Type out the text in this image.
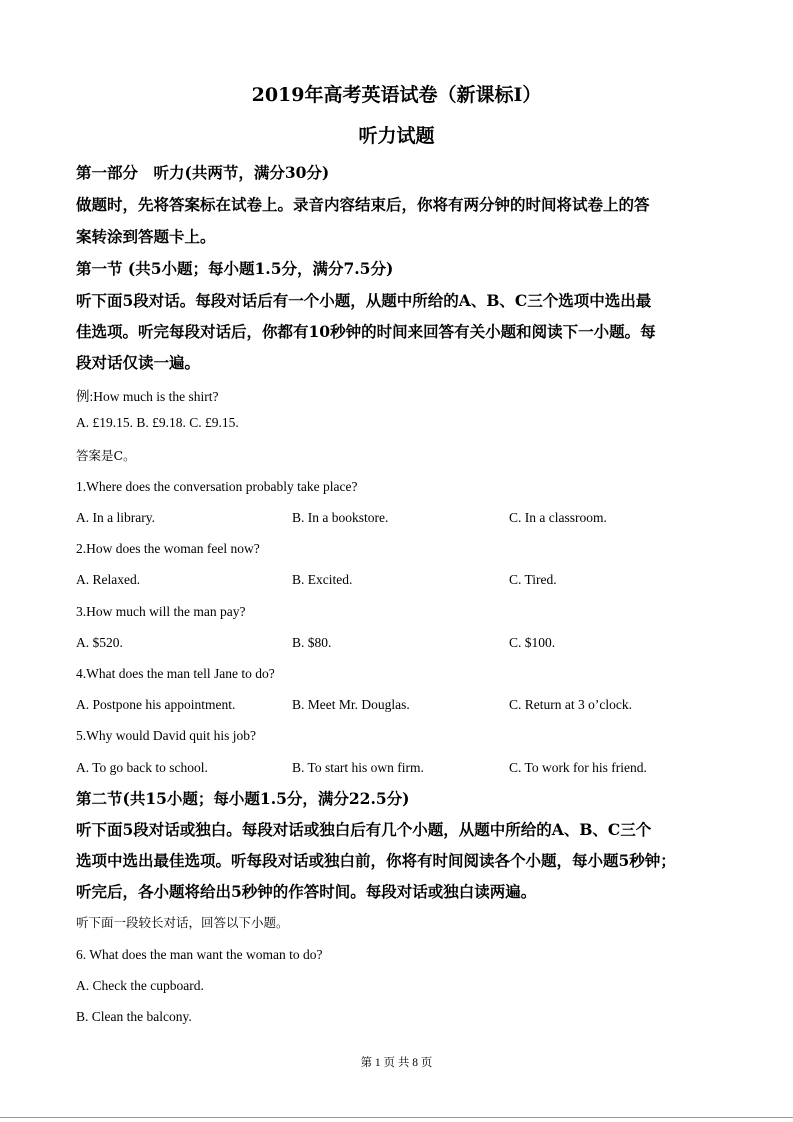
2019年高考英语试卷（新课标I）
听力试题
第一部分　听力(共两节，满分30分)
做题时，先将答案标在试卷上。录音内容结束后，你将有两分钟的时间将试卷上的答
案转涂到答题卡上。
第一节 (共5小题；每小题1.5分，满分7.5分)
听下面5段对话。每段对话后有一个小题，从题中所给的A、B、C三个选项中选出最
佳选项。听完每段对话后，你都有10秒钟的时间来回答有关小题和阅读下一小题。每
段对话仅读一遍。
例:How much is the shirt?
A. £19.15. B. £9.18. C. £9.15.
答案是C。
1.Where does the conversation probably take place?
A. In a library.	B. In a bookstore.	C. In a classroom.
2.How does the woman feel now?
A. Relaxed.	B. Excited.	C. Tired.
3.How much will the man pay?
A. $520.	B. $80.	C. $100.
4.What does the man tell Jane to do?
A. Postpone his appointment.	B. Meet Mr. Douglas.	C. Return at 3 o’clock.
5.Why would David quit his job?
A. To go back to school.	B. To start his own firm.	C. To work for his friend.
第二节(共15小题；每小题1.5分，满分22.5分)
听下面5段对话或独白。每段对话或独白后有几个小题，从题中所给的A、B、C三个
选项中选出最佳选项。听每段对话或独白前，你将有时间阅读各个小题，每小题5秒钟；
听完后，各小题将给出5秒钟的作答时间。每段对话或独白读两遍。
听下面一段较长对话，回答以下小题。
6. What does the man want the woman to do?
A. Check the cupboard.
B. Clean the balcony.
第 1 页 共 8 页
